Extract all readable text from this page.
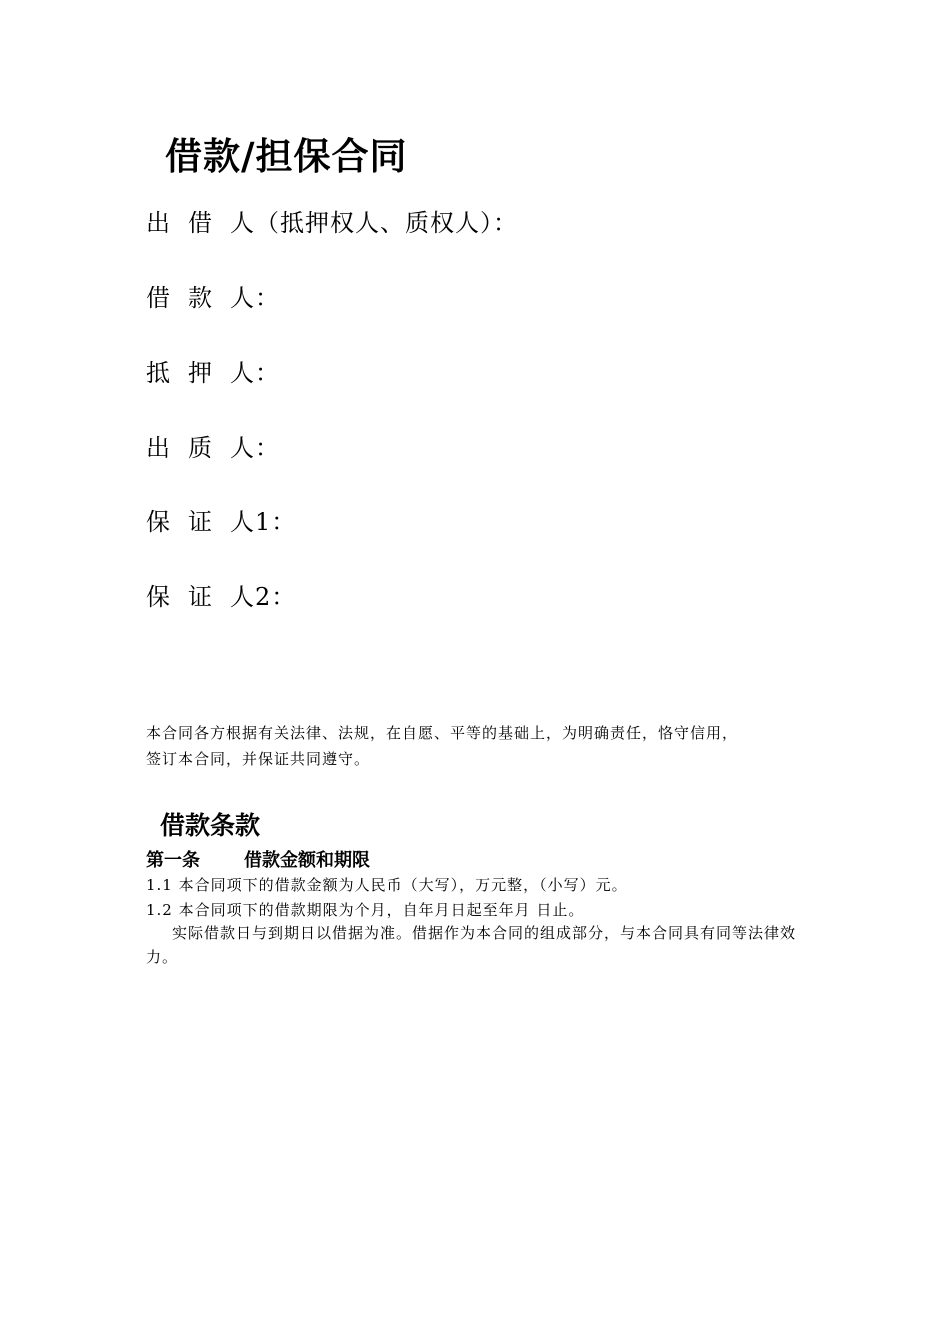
借款/担保合同
出 借 人（抵押权人、质权人）：
借 款 人：
抵 押 人：
出 质 人：
保 证 人1：
保 证 人2：
本合同各方根据有关法律、法规，在自愿、平等的基础上，为明确责任，恪守信用，
签订本合同，并保证共同遵守。
借款条款
第一条 借款金额和期限
1.1 本合同项下的借款金额为人民币（大写），万元整，（小写）元。
1.2 本合同项下的借款期限为个月，自年月日起至年月 日止。
实际借款日与到期日以借据为准。借据作为本合同的组成部分，与本合同具有同等法律效力。
